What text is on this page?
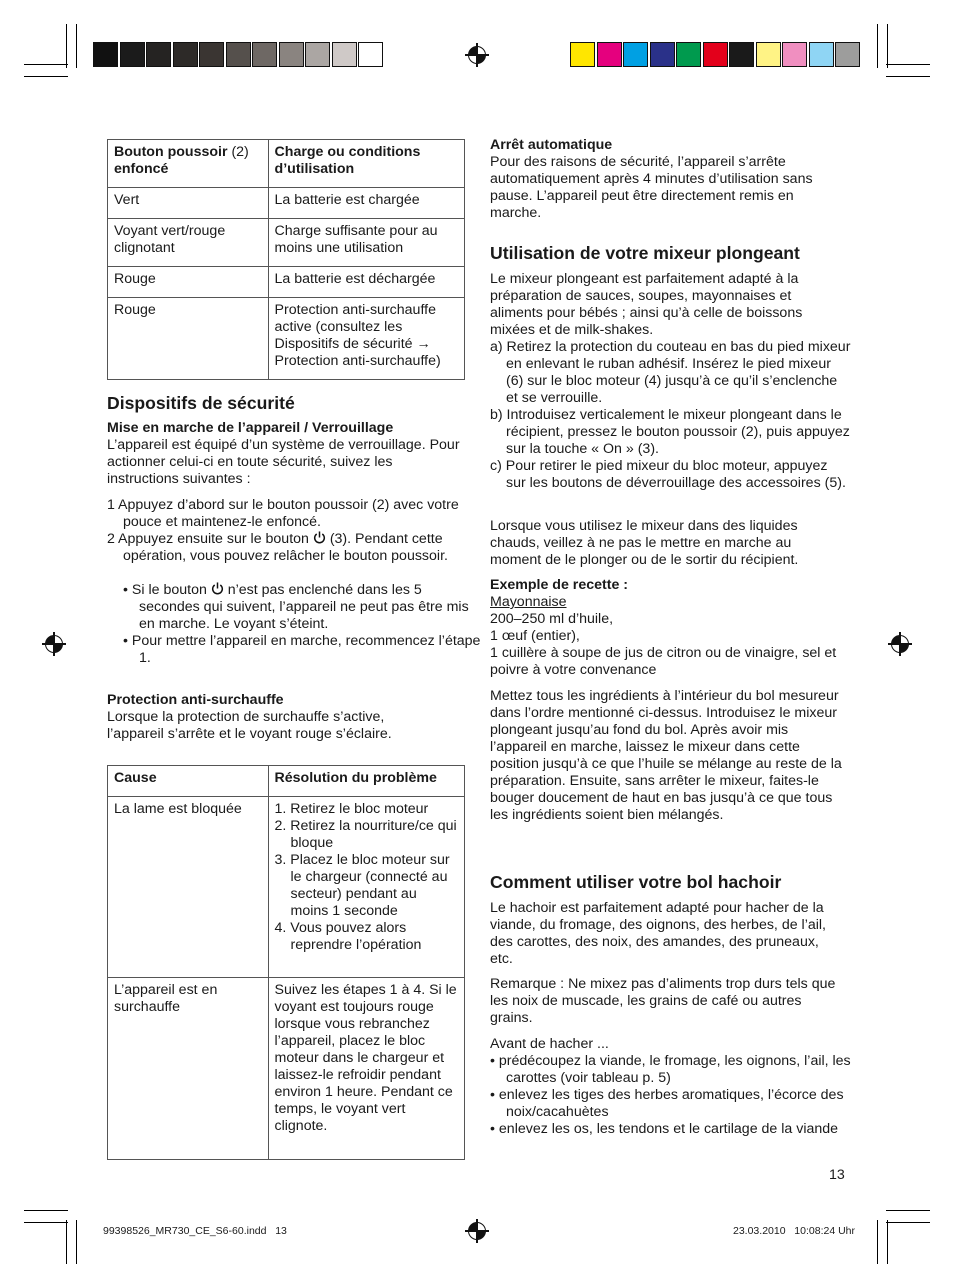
Bouton poussoir (2)
enfoncé	Charge ou conditions d’utilisation
Vert	La batterie est chargée
Voyant vert/rouge clignotant	Charge suffisante pour au moins une utilisation
Rouge	La batterie est déchargée
Rouge	Protection anti-surchauffe active (consultez les Dispositifs de sécurité → Protection anti-surchauffe)
Dispositifs de sécurité
Mise en marche de l’appareil / Verrouillage
L’appareil est équipé d’un système de verrouillage. Pour actionner celui-ci en toute sécurité, suivez les instructions suivantes :
1 Appuyez d’abord sur le bouton poussoir (2) avec votre pouce et maintenez-le enfoncé.
2 Appuyez ensuite sur le bouton
(3). Pendant cette opération, vous pouvez relâcher le bouton poussoir.
• Si le bouton
n’est pas enclenché dans les 5 secondes qui suivent, l’appareil ne peut pas être mis en marche. Le voyant s’éteint.
• Pour mettre l’appareil en marche, recommencez l’étape 1.
Protection anti-surchauffe
Lorsque la protection de surchauffe s’active, l’appareil s’arrête et le voyant rouge s’éclaire.
Cause	Résolution du problème
La lame est bloquée	1. Retirez le bloc moteur
2. Retirez la nourriture/ce qui bloque
3. Placez le bloc moteur sur le chargeur (connecté au secteur) pendant au moins 1 seconde
4. Vous pouvez alors reprendre l’opération

L’appareil est en surchauffe	Suivez les étapes 1 à 4. Si le voyant est toujours rouge lorsque vous rebranchez l’appareil, placez le bloc moteur dans le chargeur et laissez-le refroidir pendant environ 1 heure. Pendant ce temps, le voyant vert clignote.
Arrêt automatique
Pour des raisons de sécurité, l’appareil s’arrête automatiquement après 4 minutes d’utilisation sans pause. L’appareil peut être directement remis en marche.
Utilisation de votre mixeur plongeant
Le mixeur plongeant est parfaitement adapté à la préparation de sauces, soupes, mayonnaises et aliments pour bébés ; ainsi qu’à celle de boissons mixées et de milk-shakes.
a) Retirez la protection du couteau en bas du pied mixeur en enlevant le ruban adhésif. Insérez le pied mixeur (6) sur le bloc moteur (4) jusqu’à ce qu’il s’enclenche et se verrouille.
b) Introduisez verticalement le mixeur plongeant dans le récipient, pressez le bouton poussoir (2), puis appuyez sur la touche « On » (3).
c) Pour retirer le pied mixeur du bloc moteur, appuyez sur les boutons de déverrouillage des accessoires (5).
Lorsque vous utilisez le mixeur dans des liquides chauds, veillez à ne pas le mettre en marche au moment de le plonger ou de le sortir du récipient.
Exemple de recette :
Mayonnaise
200–250 ml d’huile,
1 œuf (entier),
1 cuillère à soupe de jus de citron ou de vinaigre, sel et poivre à votre convenance
Mettez tous les ingrédients à l’intérieur du bol mesureur dans l’ordre mentionné ci-dessus. Introduisez le mixeur plongeant jusqu’au fond du bol. Après avoir mis l’appareil en marche, laissez le mixeur dans cette position jusqu’à ce que l’huile se mélange au reste de la préparation. Ensuite, sans arrêter le mixeur, faites-le bouger doucement de haut en bas jusqu’à ce que tous les ingrédients soient bien mélangés.
Comment utiliser votre bol hachoir
Le hachoir est parfaitement adapté pour hacher de la viande, du fromage, des oignons, des herbes, de l’ail, des carottes, des noix, des amandes, des pruneaux, etc.
Remarque : Ne mixez pas d’aliments trop durs tels que les noix de muscade, les grains de café ou autres grains.
Avant de hacher ...
• prédécoupez la viande, le fromage, les oignons, l’ail, les carottes (voir tableau p. 5)
• enlevez les tiges des herbes aromatiques, l’écorce des noix/cacahuètes
• enlevez les os, les tendons et le cartilage de la viande
13
99398526_MR730_CE_S6-60.indd   13	23.03.2010   10:08:24 Uhr
